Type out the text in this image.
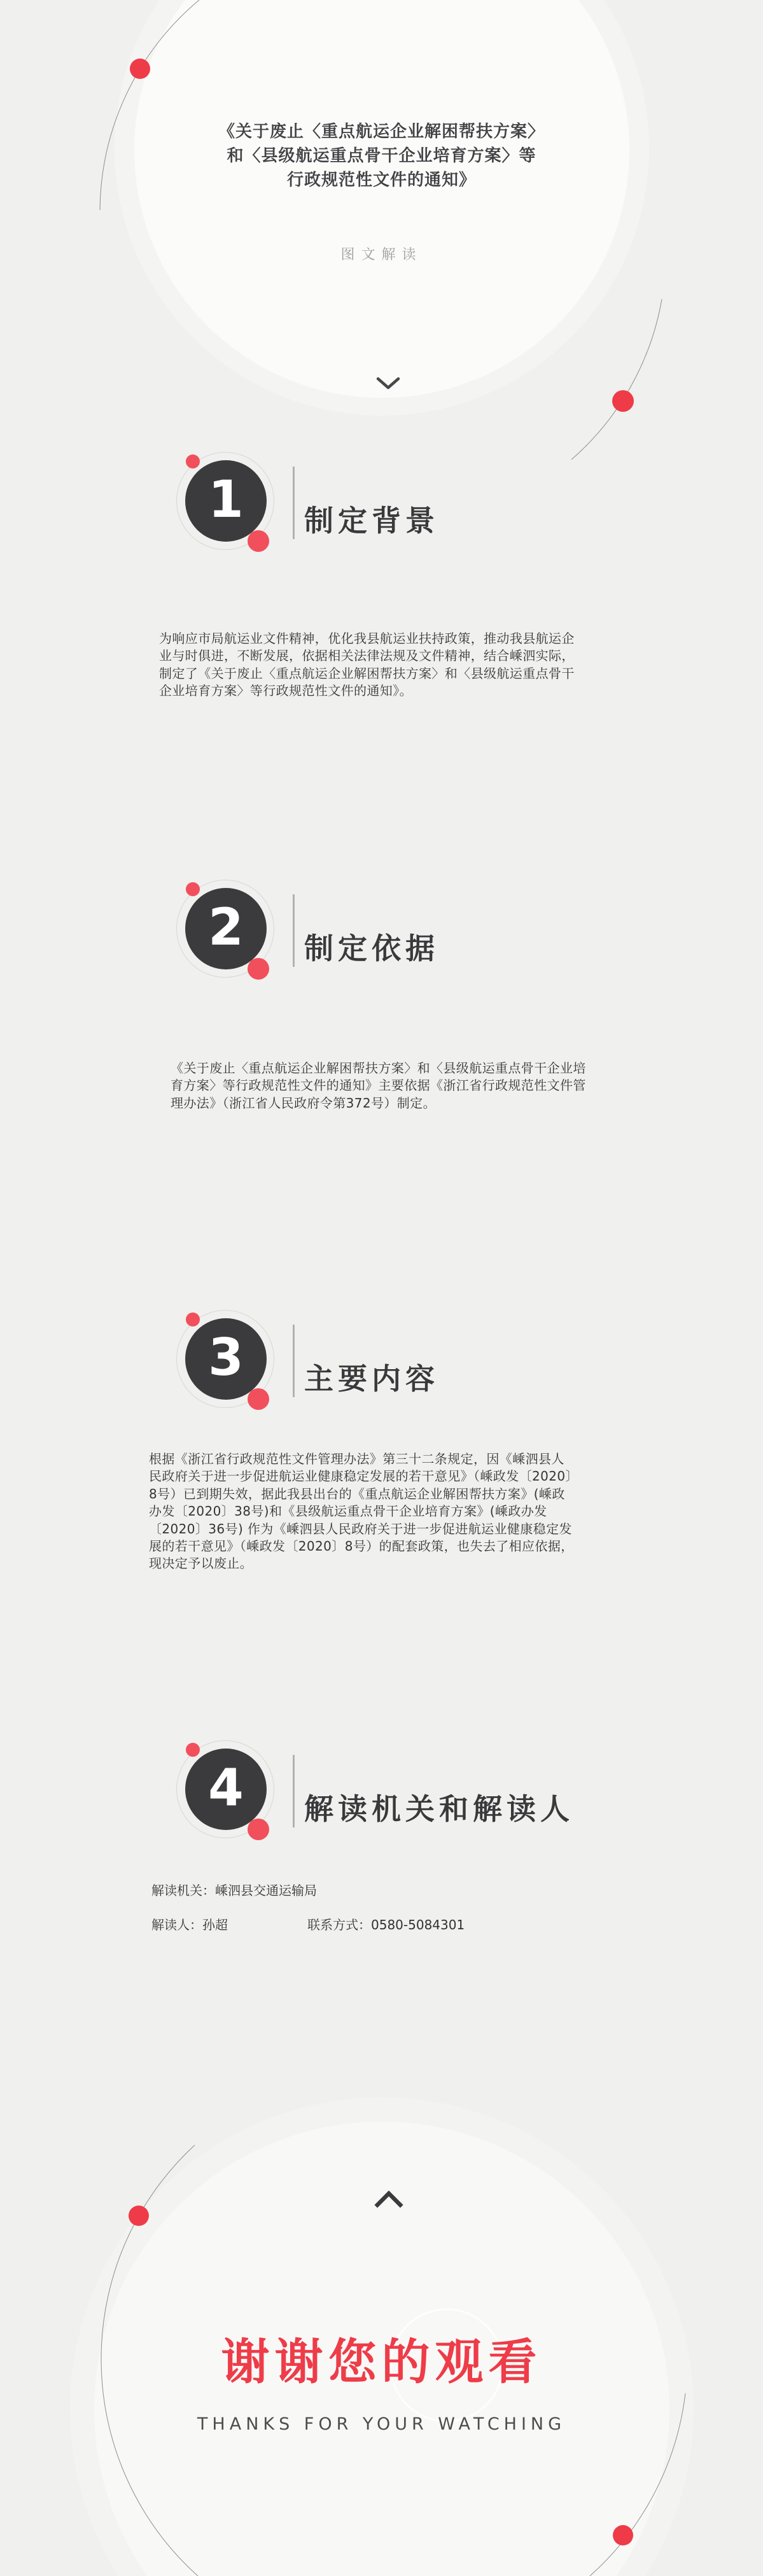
《关于废止〈重点航运企业解困帮扶方案〉
和〈县级航运重点骨干企业培育方案〉等
行政规范性文件的通知》
图文解读
1 制定背景
为响应市局航运业文件精神，优化我县航运业扶持政策，推动我县航运企
业与时俱进，不断发展，依据相关法律法规及文件精神，结合嵊泗实际，
制定了《关于废止〈重点航运企业解困帮扶方案〉和〈县级航运重点骨干
企业培育方案〉等行政规范性文件的通知》。
2 制定依据
《关于废止〈重点航运企业解困帮扶方案〉和〈县级航运重点骨干企业培
育方案〉等行政规范性文件的通知》主要依据《浙江省行政规范性文件管
理办法》（浙江省人民政府令第372号）制定。
3 主要内容
根据《浙江省行政规范性文件管理办法》第三十二条规定，因《嵊泗县人
民政府关于进一步促进航运业健康稳定发展的若干意见》（嵊政发〔2020〕
8号）已到期失效，据此我县出台的《重点航运企业解困帮扶方案》(嵊政
办发〔2020〕38号)和《县级航运重点骨干企业培育方案》(嵊政办发
〔2020〕36号) 作为《嵊泗县人民政府关于进一步促进航运业健康稳定发
展的若干意见》（嵊政发〔2020〕8号）的配套政策，也失去了相应依据，
现决定予以废止。
4 解读机关和解读人
解读机关：嵊泗县交通运输局
解读人：孙超	联系方式：0580-5084301
谢谢您的观看
THANKS FOR YOUR WATCHING
